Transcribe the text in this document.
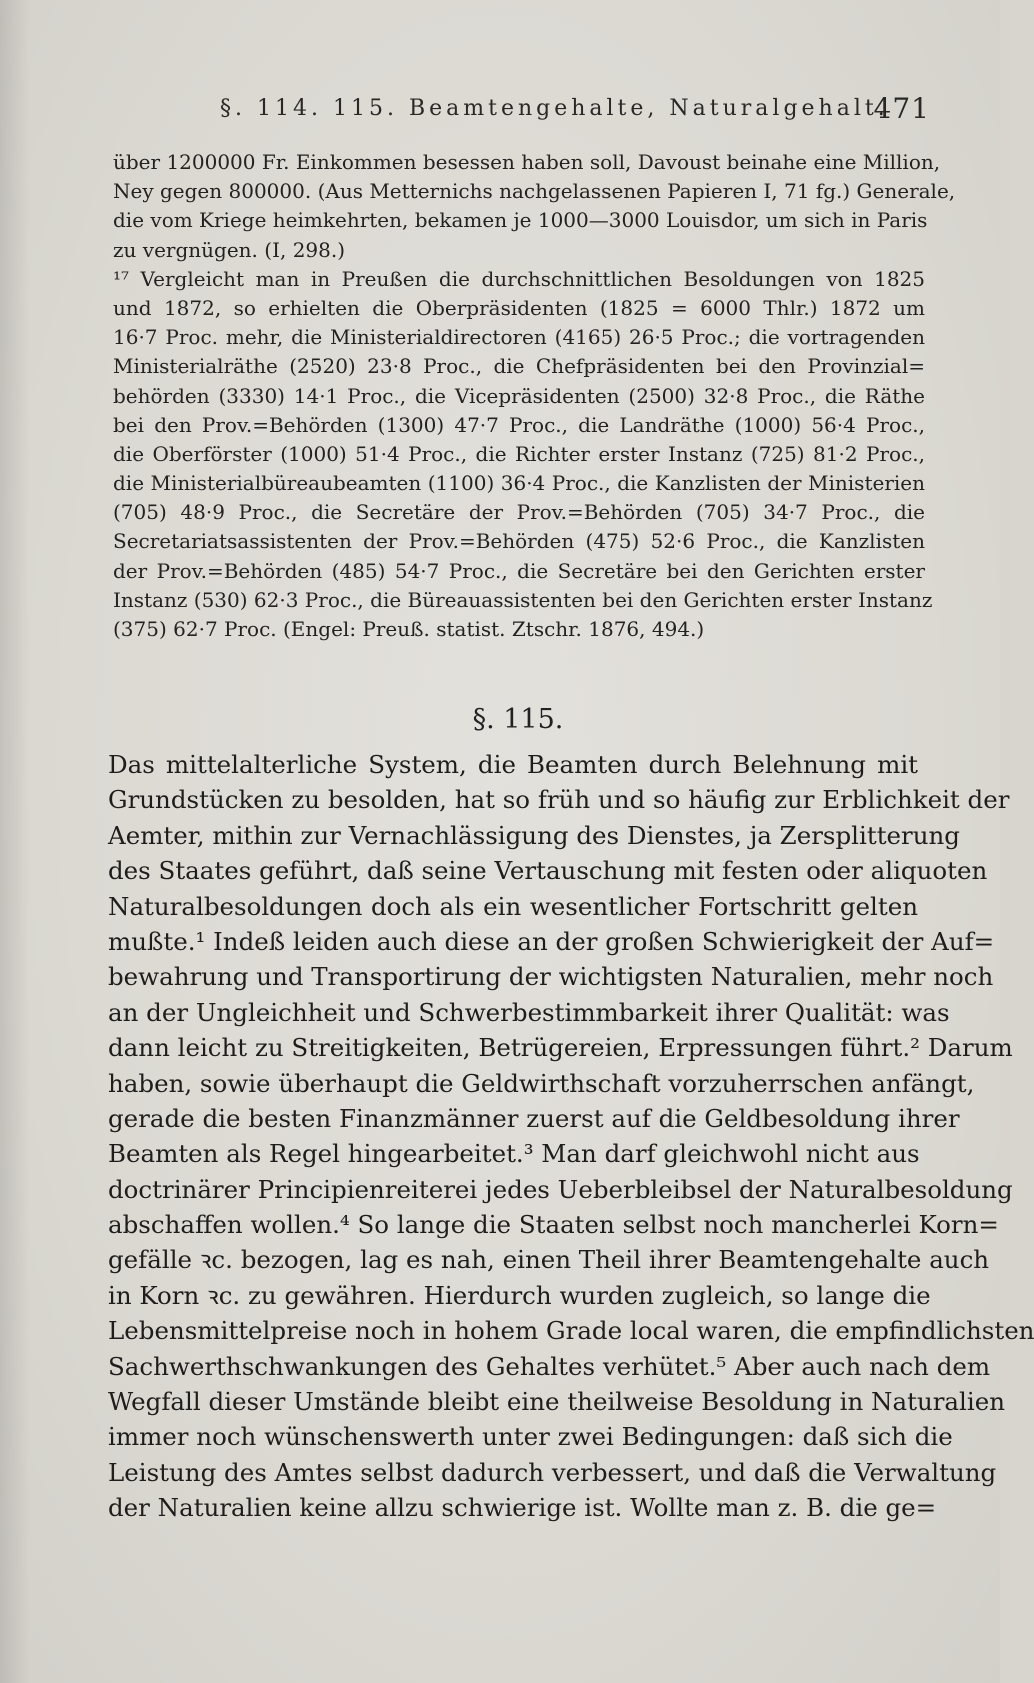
§. 114. 115. Beamtengehalte, Naturalgehalt.
471
über 1200000 Fr. Einkommen besessen haben soll, Davoust beinahe eine Million,
Ney gegen 800000. (Aus Metternichs nachgelassenen Papieren I, 71 fg.) Generale,
die vom Kriege heimkehrten, bekamen je 1000—3000 Louisdor, um sich in Paris
zu vergnügen. (I, 298.)
¹⁷ Vergleicht man in Preußen die durchschnittlichen Besoldungen von 1825
und 1872, so erhielten die Oberpräsidenten (1825 = 6000 Thlr.) 1872 um
16·7 Proc. mehr, die Ministerialdirectoren (4165) 26·5 Proc.; die vortragenden
Ministerialräthe (2520) 23·8 Proc., die Chefpräsidenten bei den Provinzial=
behörden (3330) 14·1 Proc., die Vicepräsidenten (2500) 32·8 Proc., die Räthe
bei den Prov.=Behörden (1300) 47·7 Proc., die Landräthe (1000) 56·4 Proc.,
die Oberförster (1000) 51·4 Proc., die Richter erster Instanz (725) 81·2 Proc.,
die Ministerialbüreaubeamten (1100) 36·4 Proc., die Kanzlisten der Ministerien
(705) 48·9 Proc., die Secretäre der Prov.=Behörden (705) 34·7 Proc., die
Secretariatsassistenten der Prov.=Behörden (475) 52·6 Proc., die Kanzlisten
der Prov.=Behörden (485) 54·7 Proc., die Secretäre bei den Gerichten erster
Instanz (530) 62·3 Proc., die Büreauassistenten bei den Gerichten erster Instanz
(375) 62·7 Proc. (Engel: Preuß. statist. Ztschr. 1876, 494.)
§. 115.
Das mittelalterliche System, die Beamten durch Belehnung mit
Grundstücken zu besolden, hat so früh und so häufig zur Erblichkeit der
Aemter, mithin zur Vernachlässigung des Dienstes, ja Zersplitterung
des Staates geführt, daß seine Vertauschung mit festen oder aliquoten
Naturalbesoldungen doch als ein wesentlicher Fortschritt gelten
mußte.¹ Indeß leiden auch diese an der großen Schwierigkeit der Auf=
bewahrung und Transportirung der wichtigsten Naturalien, mehr noch
an der Ungleichheit und Schwerbestimmbarkeit ihrer Qualität: was
dann leicht zu Streitigkeiten, Betrügereien, Erpressungen führt.² Darum
haben, sowie überhaupt die Geldwirthschaft vorzuherrschen anfängt,
gerade die besten Finanzmänner zuerst auf die Geldbesoldung ihrer
Beamten als Regel hingearbeitet.³ Man darf gleichwohl nicht aus
doctrinärer Principienreiterei jedes Ueberbleibsel der Naturalbesoldung
abschaffen wollen.⁴ So lange die Staaten selbst noch mancherlei Korn=
gefälle ꝛc. bezogen, lag es nah, einen Theil ihrer Beamtengehalte auch
in Korn ꝛc. zu gewähren. Hierdurch wurden zugleich, so lange die
Lebensmittelpreise noch in hohem Grade local waren, die empfindlichsten
Sachwerthschwankungen des Gehaltes verhütet.⁵ Aber auch nach dem
Wegfall dieser Umstände bleibt eine theilweise Besoldung in Naturalien
immer noch wünschenswerth unter zwei Bedingungen: daß sich die
Leistung des Amtes selbst dadurch verbessert, und daß die Verwaltung
der Naturalien keine allzu schwierige ist. Wollte man z. B. die ge=
